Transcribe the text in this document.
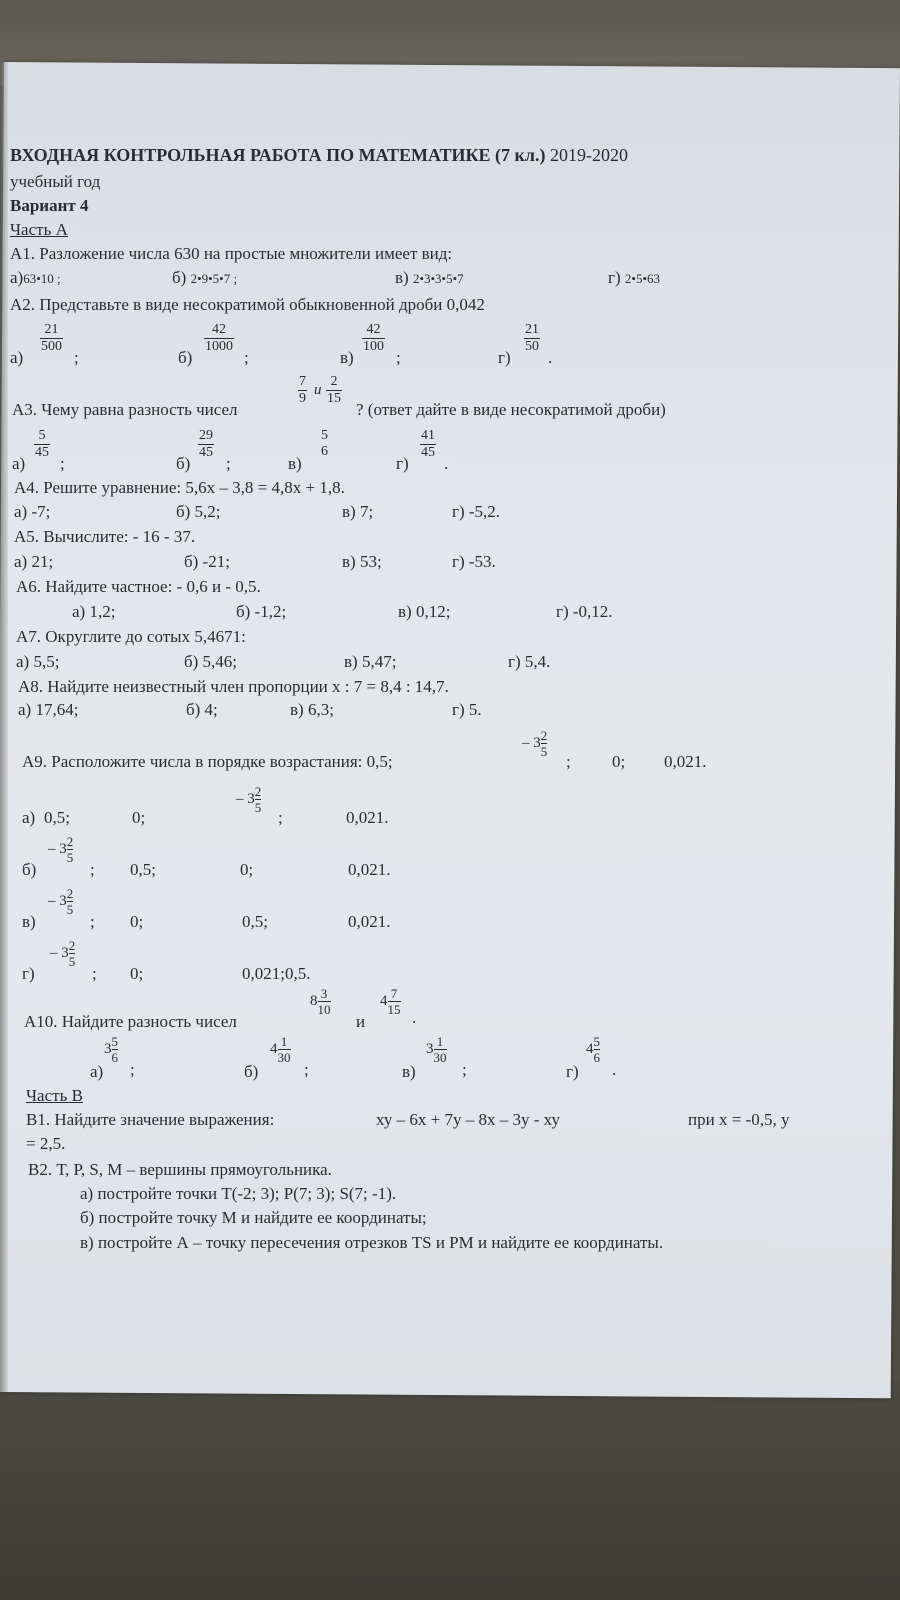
ВХОДНАЯ КОНТРОЛЬНАЯ РАБОТА ПО МАТЕМАТИКЕ (7 кл.) 2019-2020
учебный год
Вариант 4
Часть А
А1. Разложение числа 630 на простые множители имеет вид:
а)63•10 ;	б) 2•9•5•7 ;	в) 2•3•3•5•7	г) 2•5•63
А2. Представьте в виде несократимой обыкновенной дроби 0,042
а)
$\frac{21}{500}$
;	б)
$\frac{42}{1000}$
;	в)
$\frac{42}{100}$
;	г)
$\frac{21}{50}$
.
А3. Чему равна разность чисел
$\frac{7}{9}$ и $\frac{2}{15}$
? (ответ дайте в виде несократимой дроби)
а)
$\frac{5}{45}$
;	б)
$\frac{29}{45}$
;	в)
5
6
г)
$\frac{41}{45}$
.
А4. Решите уравнение: 5,6х – 3,8 = 4,8х + 1,8.
а) -7;	б) 5,2;	в) 7;	г) -5,2.
А5. Вычислите: - 16 - 37.
а) 21;	б) -21;	в) 53;	г) -53.
А6. Найдите частное: - 0,6 и - 0,5.
а) 1,2;	б) -1,2;	в) 0,12;	г) -0,12.
А7. Округлите до сотых 5,4671:
а) 5,5;	б) 5,46;	в) 5,47;	г) 5,4.
А8. Найдите неизвестный член пропорции х : 7 = 8,4 : 14,7.
а) 17,64;	б) 4;	в) 6,3;	г) 5.
А9. Расположите числа в порядке возрастания: 0,5;
– $3 \frac{2}{5}$
; 0; 0,021.
а) 0,5;	0;
– $3 \frac{2}{5}$
;	0,021.
б)
– $3 \frac{2}{5}$
; 0,5;	0;	0,021.
в)
– $3 \frac{2}{5}$
; 0;	0,5;	0,021.
г)
– $3 \frac{2}{5}$
; 0;	0,021;0,5.
А10. Найдите разность чисел
$8 \frac{3}{10}$
и
$4 \frac{7}{15}$
.
а)
$3 \frac{5}{6}$
;	б)
$4 \frac{1}{30}$
;	в)
$3 \frac{1}{30}$
;	г)
$4 \frac{5}{6}$
.
Часть В
В1. Найдите значение выражения:	ху – 6х + 7у – 8х – 3у - ху	при х = -0,5, у
= 2,5.
В2. Т, Р, S, М – вершины прямоугольника.
а) постройте точки Т(-2; 3); Р(7; 3); S(7; -1).
б) постройте точку М и найдите ее координаты;
в) постройте А – точку пересечения отрезков ТS и РМ и найдите ее координаты.
